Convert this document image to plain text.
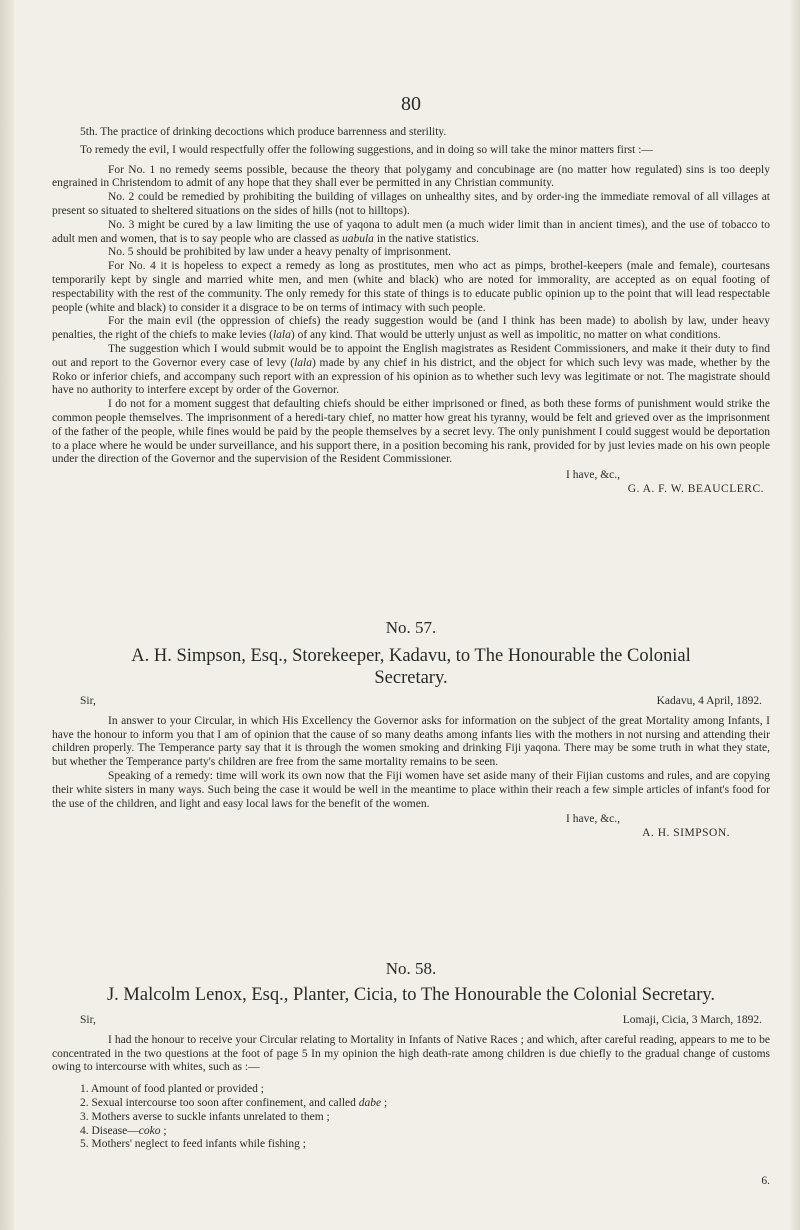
80

5th. The practice of drinking decoctions which produce barrenness and sterility.

To remedy the evil, I would respectfully offer the following suggestions, and in doing so will take the minor matters first :—

For No. 1 no remedy seems possible, because the theory that polygamy and concubinage are (no matter how regulated) sins is too deeply engrained in Christendom to admit of any hope that they shall ever be permitted in any Christian community.

No. 2 could be remedied by prohibiting the building of villages on unhealthy sites, and by order-ing the immediate removal of all villages at present so situated to sheltered situations on the sides of hills (not to hilltops).

No. 3 might be cured by a law limiting the use of yaqona to adult men (a much wider limit than in ancient times), and the use of tobacco to adult men and women, that is to say people who are classed as uabula in the native statistics.

No. 5 should be prohibited by law under a heavy penalty of imprisonment.

For No. 4 it is hopeless to expect a remedy as long as prostitutes, men who act as pimps, brothel-keepers (male and female), courtesans temporarily kept by single and married white men, and men (white and black) who are noted for immorality, are accepted as on equal footing of respectability with the rest of the community. The only remedy for this state of things is to educate public opinion up to the point that will lead respectable people (white and black) to consider it a disgrace to be on terms of intimacy with such people.

For the main evil (the oppression of chiefs) the ready suggestion would be (and I think has been made) to abolish by law, under heavy penalties, the right of the chiefs to make levies (lala) of any kind. That would be utterly unjust as well as impolitic, no matter on what conditions.

The suggestion which I would submit would be to appoint the English magistrates as Resident Commissioners, and make it their duty to find out and report to the Governor every case of levy (lala) made by any chief in his district, and the object for which such levy was made, whether by the Roko or inferior chiefs, and accompany such report with an expression of his opinion as to whether such levy was legitimate or not. The magistrate should have no authority to interfere except by order of the Governor.

I do not for a moment suggest that defaulting chiefs should be either imprisoned or fined, as both these forms of punishment would strike the common people themselves. The imprisonment of a heredi-tary chief, no matter how great his tyranny, would be felt and grieved over as the imprisonment of the father of the people, while fines would be paid by the people themselves by a secret levy. The only punishment I could suggest would be deportation to a place where he would be under surveillance, and his support there, in a position becoming his rank, provided for by just levies made on his own people under the direction of the Governor and the supervision of the Resident Commissioner.

I have, &c.,
G. A. F. W. BEAUCLERC.
No. 57.
A. H. Simpson, Esq., Storekeeper, Kadavu, to The Honourable the Colonial Secretary.
Sir,	Kadavu, 4 April, 1892.

In answer to your Circular, in which His Excellency the Governor asks for information on the subject of the great Mortality among Infants, I have the honour to inform you that I am of opinion that the cause of so many deaths among infants lies with the mothers in not nursing and attending their children properly. The Temperance party say that it is through the women smoking and drinking Fiji yaqona. There may be some truth in what they state, but whether the Temperance party's children are free from the same mortality remains to be seen.

Speaking of a remedy: time will work its own now that the Fiji women have set aside many of their Fijian customs and rules, and are copying their white sisters in many ways. Such being the case it would be well in the meantime to place within their reach a few simple articles of infant's food for the use of the children, and light and easy local laws for the benefit of the women.

I have, &c.,
A. H. SIMPSON.
No. 58.
J. Malcolm Lenox, Esq., Planter, Cicia, to The Honourable the Colonial Secretary.
Sir,	Lomaji, Cicia, 3 March, 1892.

I had the honour to receive your Circular relating to Mortality in Infants of Native Races ; and which, after careful reading, appears to me to be concentrated in the two questions at the foot of page 5 In my opinion the high death-rate among children is due chiefly to the gradual change of customs owing to intercourse with whites, such as :—

1. Amount of food planted or provided ;
2. Sexual intercourse too soon after confinement, and called dabe ;
3. Mothers averse to suckle infants unrelated to them ;
4. Disease—coko ;
5. Mothers' neglect to feed infants while fishing ;
6.
